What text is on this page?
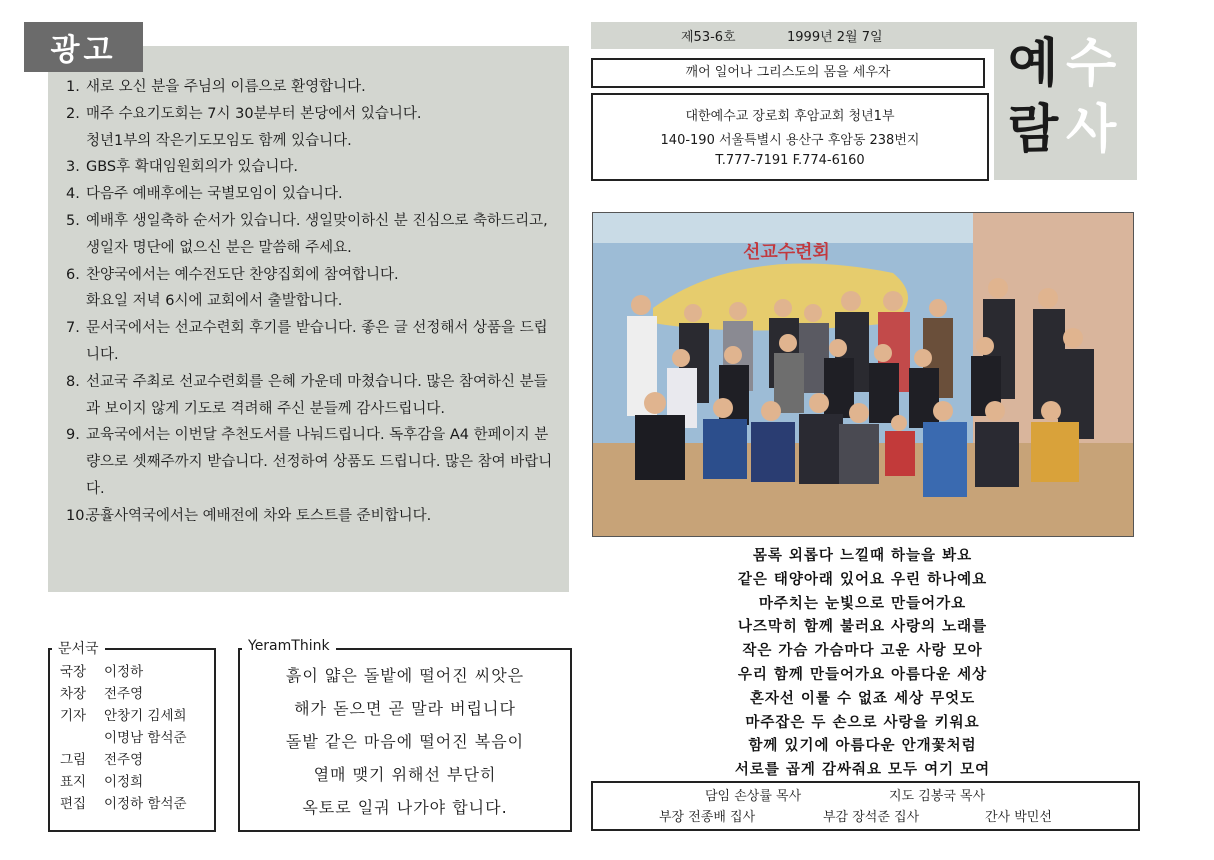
광고
1. 새로 오신 분을 주님의 이름으로 환영합니다.
2. 매주 수요기도회는 7시 30분부터 본당에서 있습니다.
청년1부의 작은기도모임도 함께 있습니다.
3. GBS후 확대임원회의가 있습니다.
4. 다음주 예배후에는 국별모임이 있습니다.
5. 예배후 생일축하 순서가 있습니다. 생일맞이하신 분 진심으로 축하드리고, 생일자 명단에 없으신 분은 말씀해 주세요.
6. 찬양국에서는 예수전도단 찬양집회에 참여합니다.
화요일 저녁 6시에 교회에서 출발합니다.
7. 문서국에서는 선교수련회 후기를 받습니다. 좋은 글 선정해서 상품을 드립니다.
8. 선교국 주최로 선교수련회를 은혜 가운데 마쳤습니다. 많은 참여하신 분들과 보이지 않게 기도로 격려해 주신 분들께 감사드립니다.
9. 교육국에서는 이번달 추천도서를 나눠드립니다. 독후감을 A4 한페이지 분량으로 셋째주까지 받습니다. 선정하여 상품도 드립니다. 많은 참여 바랍니다.
10.공휼사역국에서는 예배전에 차와 토스트를 준비합니다.
문서국
국장 이정하
차장 전주영
기자 안창기 김세희
이명남 함석준
그림 전주영
표지 이정희
편집 이정하 함석준
YeramThink
흙이 얇은 돌밭에 떨어진 씨앗은
해가 돋으면 곧 말라 버립니다
돌밭 같은 마음에 떨어진 복음이
열매 맺기 위해선 부단히
옥토로 일궈 나가야 합니다.
제53-6호	1999년 2월 7일
깨어 일어나 그리스도의 몸을 세우자
대한예수교 장로회 후암교회 청년1부
140-190 서울특별시 용산구 후암동 238번지
T.777-7191 F.774-6160
예 수
람 사
선교수련회
몸록 외롭다 느낄때 하늘을 봐요
같은 태양아래 있어요 우린 하나예요
마주치는 눈빛으로 만들어가요
나즈막히 함께 불러요 사랑의 노래를
작은 가슴 가슴마다 고운 사랑 모아
우리 함께 만들어가요 아름다운 세상
혼자선 이룰 수 없죠 세상 무엇도
마주잡은 두 손으로 사랑을 키워요
함께 있기에 아름다운 안개꽃처럼
서로를 곱게 감싸줘요 모두 여기 모여
담임 손상률 목사	지도 김봉국 목사
부장 전종배 집사	부감 장석준 집사	간사 박민선
